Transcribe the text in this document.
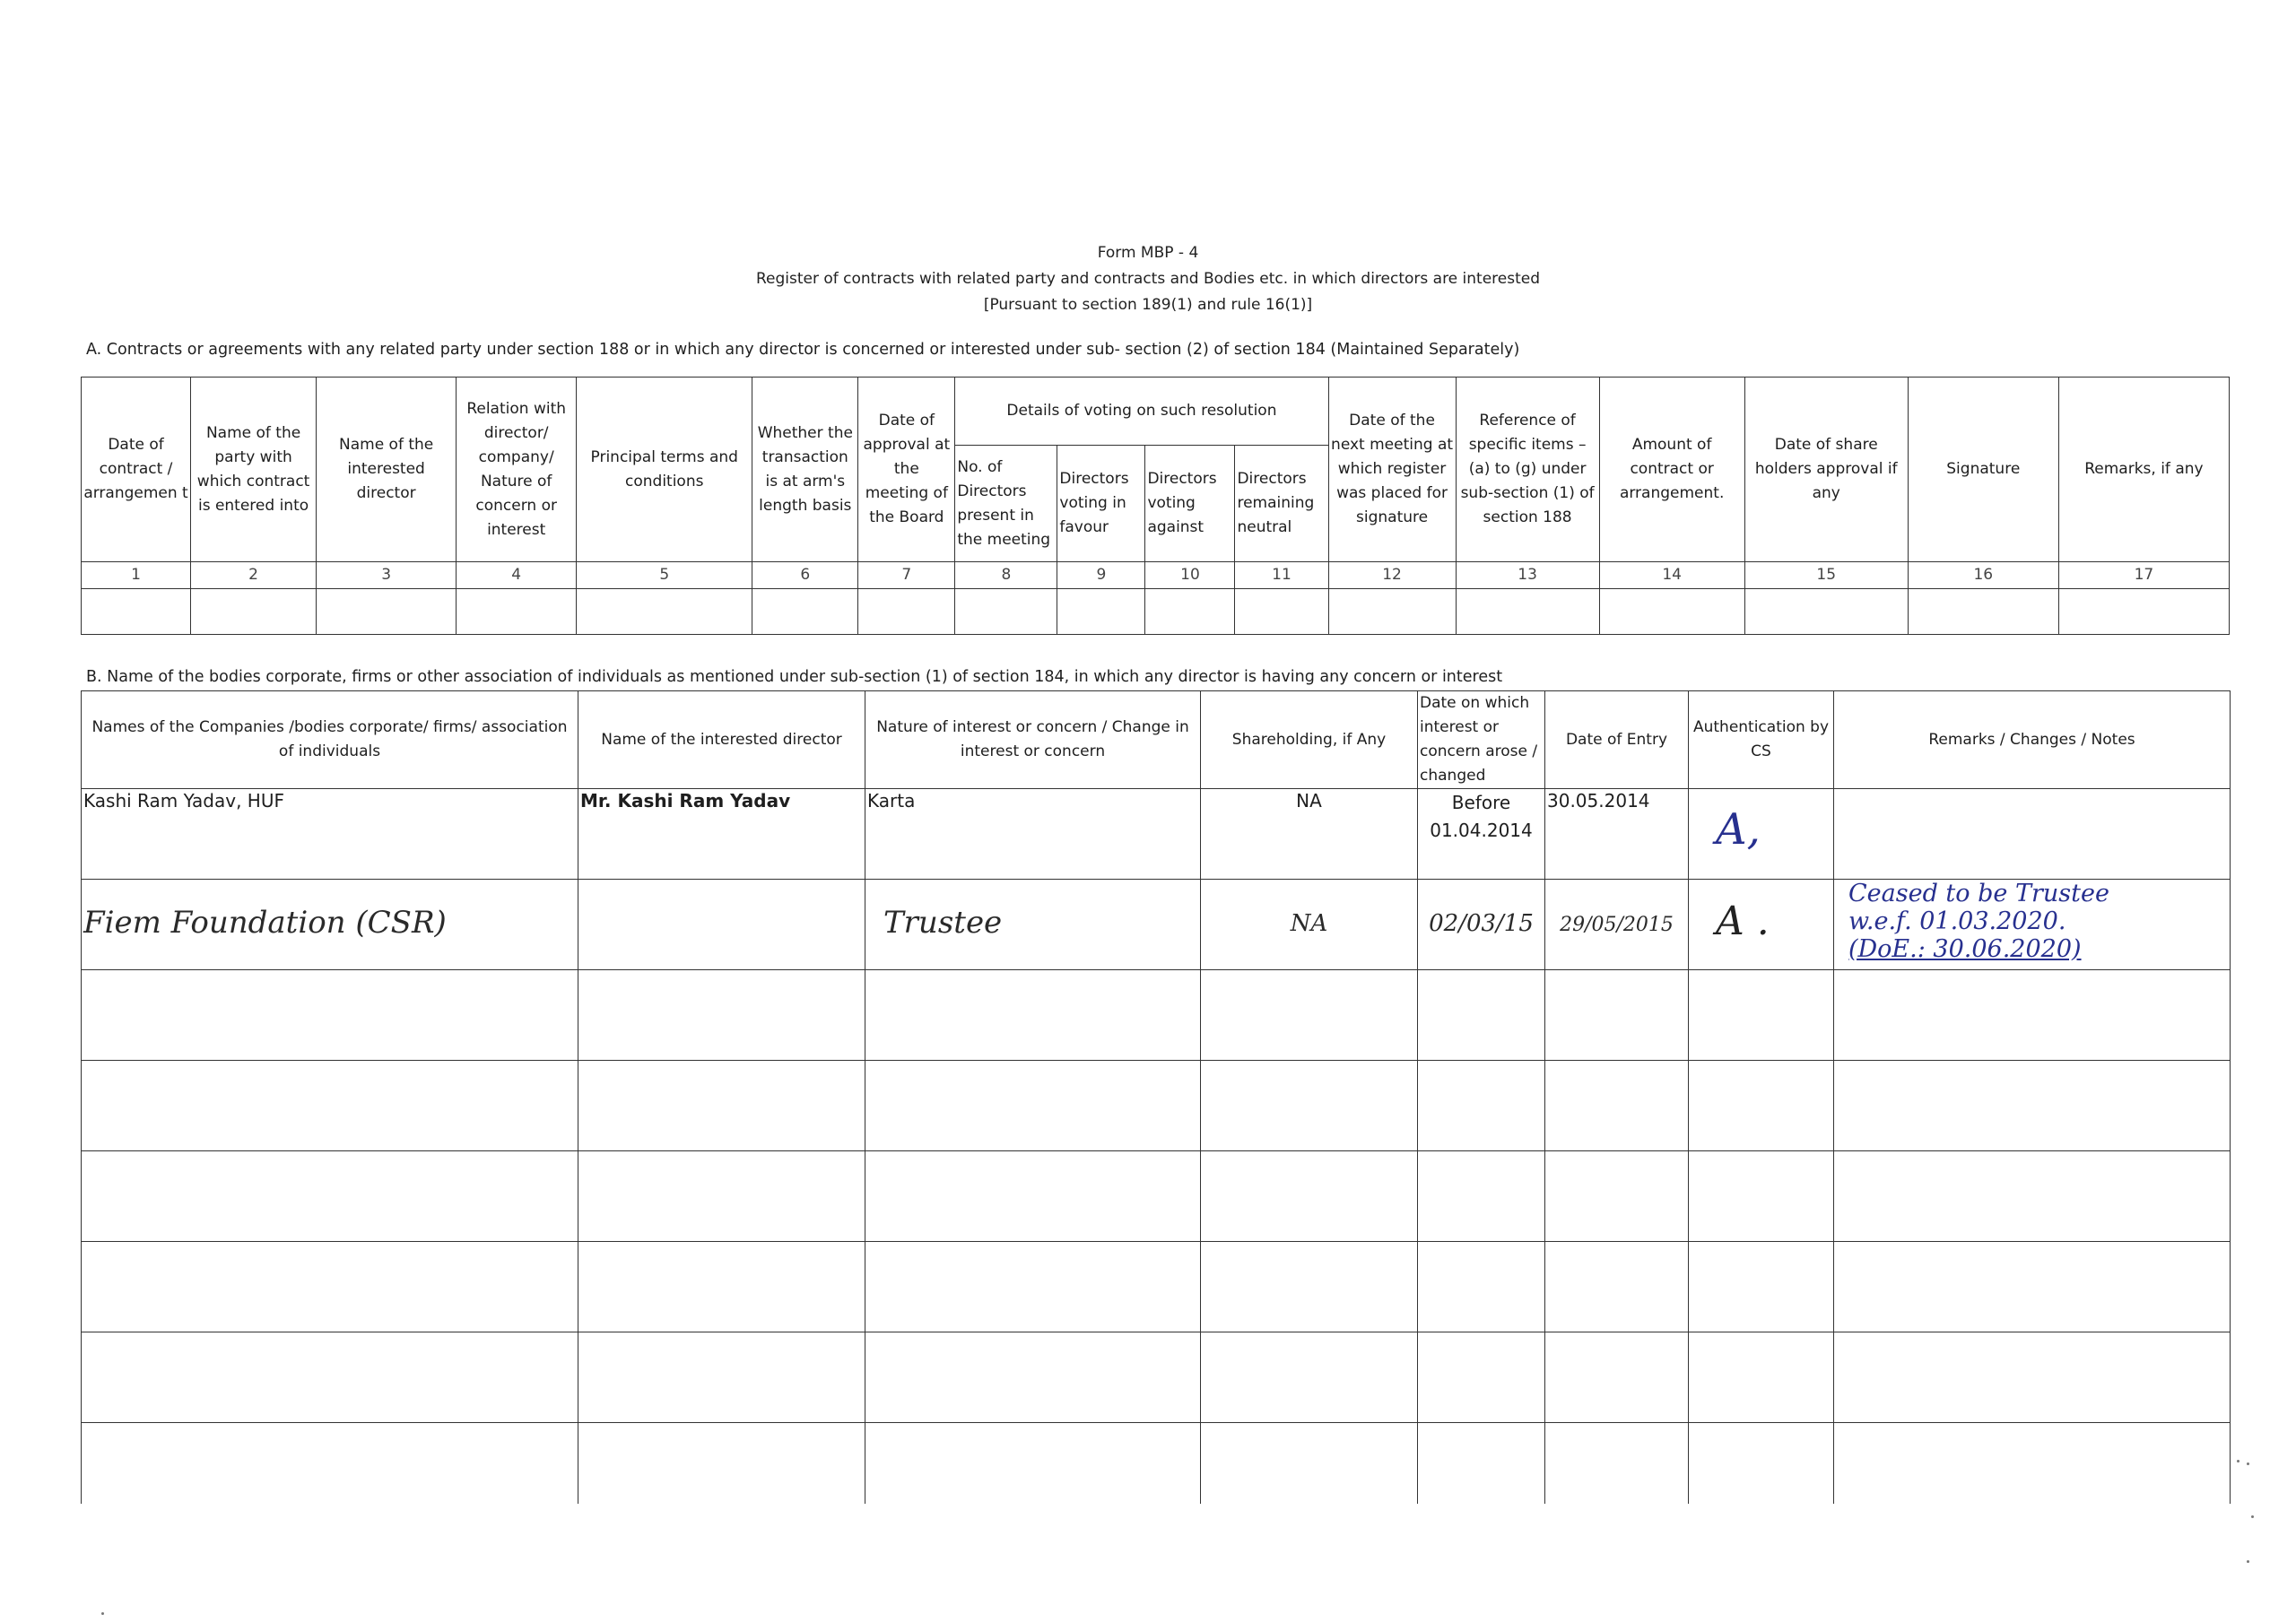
Form MBP - 4
Register of contracts with related party and contracts and Bodies etc. in which directors are interested
[Pursuant to section 189(1) and rule 16(1)]
A. Contracts or agreements with any related party under section 188 or in which any director is concerned or interested under sub- section (2) of section 184 (Maintained Separately)
Date of contract / arrangemen t	Name of the party with which contract is entered into	Name of the interested director	Relation with director/ company/ Nature of concern or interest	Principal terms and conditions	Whether the transaction is at arm's length basis	Date of approval at the meeting of the Board	Details of voting on such resolution				Date of the next meeting at which register was placed for signature	Reference of specific items – (a) to (g) under sub-section (1) of section 188	Amount of contract or arrangement.	Date of share holders approval if any	Signature	Remarks, if any
							No. of Directors present in the meeting	Directors voting in favour	Directors voting against	Directors remaining neutral						
1	2	3	4	5	6	7	8	9	10	11	12	13	14	15	16	17

B. Name of the bodies corporate, firms or other association of individuals as mentioned under sub-section (1) of section 184, in which any director is having any concern or interest
Names of the Companies /bodies corporate/ firms/ association of individuals	Name of the interested director	Nature of interest or concern / Change in interest or concern	Shareholding, if Any	Date on which interest or concern arose / changed	Date of Entry	Authentication by CS	Remarks / Changes / Notes
Kashi Ram Yadav, HUF	Mr. Kashi Ram Yadav	Karta	NA	Before 01.04.2014	30.05.2014	A,	
Fiem Foundation (CSR)		Trustee	NA	02/03/15	29/05/2015	A .	Ceased to be Trustee
w.e.f. 01.03.2020.
(DoE.: 30.06.2020)
